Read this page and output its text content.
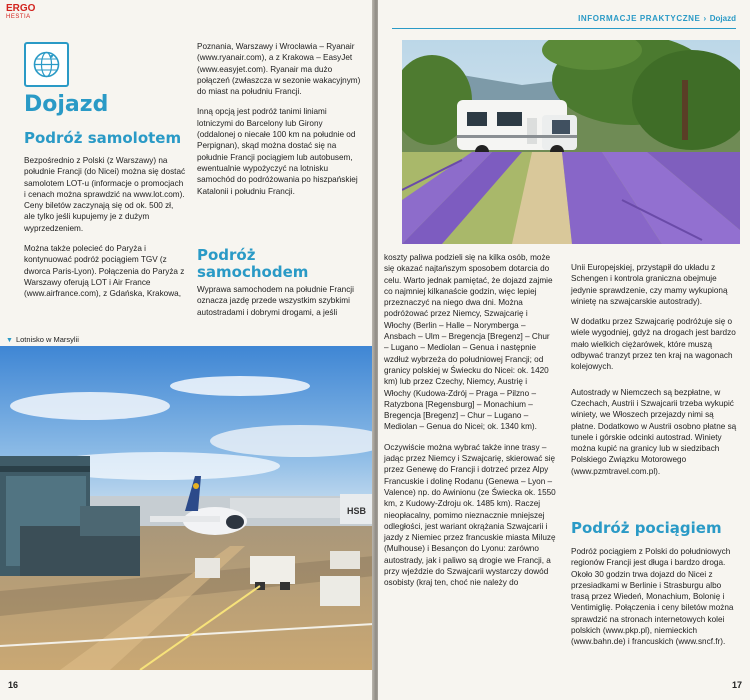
ERGO
HESTIA
Dojazd
Podróż samolotem

Bezpośrednio z Polski (z Warszawy) na południe Francji (do Nicei) można się dostać samolotem LOT-u (informacje o promocjach i cenach można sprawdzić na www.lot.com). Ceny biletów zaczynają się od ok. 500 zł, ale tylko jeśli kupujemy je z dużym wyprzedzeniem.

Można także polecieć do Paryża i kontynuować podróż pociągiem TGV (z dworca Paris-Lyon). Połączenia do Paryża z Warszawy oferują LOT i Air France (www.airfrance.com), z Gdańska, Krakowa,

Poznania, Warszawy i Wrocławia – Ryanair (www.ryanair.com), a z Krakowa – EasyJet (www.easyjet.com). Ryanair ma dużo połączeń (zwłaszcza w sezonie wakacyjnym) do miast na południu Francji.

Inną opcją jest podróż tanimi liniami lotniczymi do Barcelony lub Girony (oddalonej o niecałe 100 km na południe od Perpignan), skąd można dostać się na południe Francji pociągiem lub autobusem, ewentualnie wypożyczyć na lotnisku samochód do podróżowania po hiszpańskiej Katalonii i południu Francji.

Podróż samochodem

Wyprawa samochodem na południe Francji oznacza jazdę przede wszystkim szybkimi autostradami i dobrymi drogami, a jeśli

▼ Lotnisko w Marsylii
HSB
16
INFORMACJE PRAKTYCZNE › Dojazd

koszty paliwa podzieli się na kilka osób, może się okazać najtańszym sposobem dotarcia do celu. Warto jednak pamiętać, że dojazd zajmie co najmniej kilkanaście godzin, więc lepiej przeznaczyć na niego dwa dni. Można podróżować przez Niemcy, Szwajcarię i Włochy (Berlin – Halle – Norymberga – Ansbach – Ulm – Bregencja [Bregenz] – Chur – Lugano – Mediolan – Genua i następnie wzdłuż wybrzeża do południowej Francji; od granicy polskiej w Świecku do Nicei: ok. 1420 km) lub przez Czechy, Niemcy, Austrię i Włochy (Kudowa-Zdrój – Praga – Pilzno – Ratyzbona [Regensburg] – Monachium – Bregencja [Bregenz] – Chur – Lugano – Mediolan – Genua do Nicei; ok. 1340 km).

Oczywiście można wybrać także inne trasy – jadąc przez Niemcy i Szwajcarię, skierować się przez Genewę do Francji i dotrzeć przez Alpy Francuskie i dolinę Rodanu (Genewa – Lyon – Valence) np. do Awinionu (ze Świecka ok. 1550 km, z Kudowy-Zdroju ok. 1485 km). Raczej nieopłacalny, pomimo nieznacznie mniejszej odległości, jest wariant okrążania Szwajcarii i jazdy z Niemiec przez francuskie miasta Miluzę (Mulhouse) i Besançon do Lyonu: zarówno autostrady, jak i paliwo są drogie we Francji, a przy wjeździe do Szwajcarii wystarczy dowód osobisty (kraj ten, choć nie należy do

Unii Europejskiej, przystąpił do układu z Schengen i kontrola graniczna obejmuje jedynie sprawdzenie, czy mamy wykupioną winietę na szwajcarskie autostrady).

W dodatku przez Szwajcarię podróżuje się o wiele wygodniej, gdyż na drogach jest bardzo mało wielkich ciężarówek, które muszą odbywać tranzyt przez ten kraj na wagonach kolejowych.

Autostrady w Niemczech są bezpłatne, w Czechach, Austrii i Szwajcarii trzeba wykupić winiety, we Włoszech przejazdy nimi są płatne. Dodatkowo w Austrii osobno płatne są tunele i górskie odcinki autostrad. Winiety można kupić na granicy lub w siedzibach Polskiego Związku Motorowego (www.pzmtravel.com.pl).

Podróż pociągiem

Podróż pociągiem z Polski do południowych regionów Francji jest długa i bardzo droga. Około 30 godzin trwa dojazd do Nicei z przesiadkami w Berlinie i Strasburgu albo trasą przez Wiedeń, Monachium, Bolonię i Ventimiglię. Połączenia i ceny biletów można sprawdzić na stronach internetowych kolei polskich (www.pkp.pl), niemieckich (www.bahn.de) i francuskich (www.sncf.fr).

17
